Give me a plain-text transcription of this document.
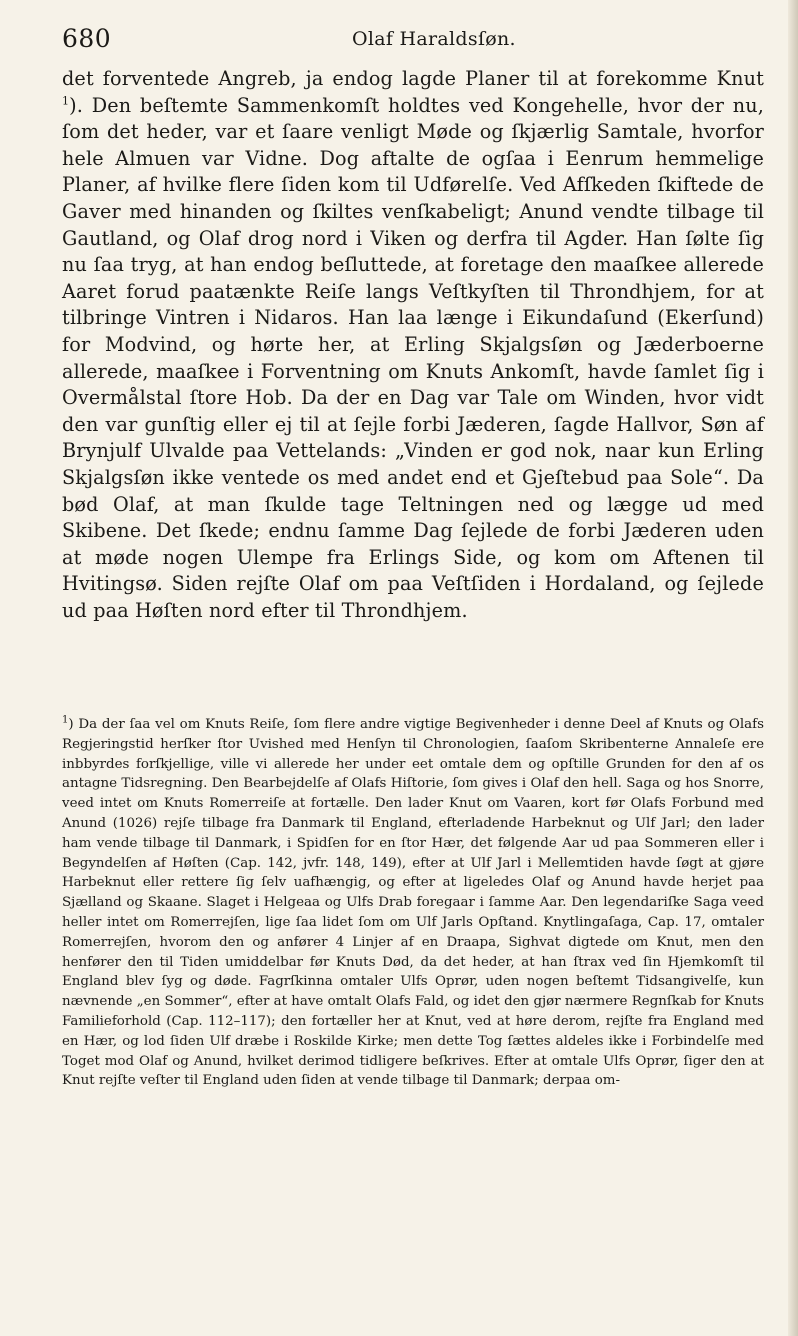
680	Olaf Haraldsſøn.

det forventede Angreb, ja endog lagde Planer til at forekomme Knut $^1$). Den beſtemte Sammenkomſt holdtes ved Kongehelle, hvor der nu, ſom det heder, var et ſaare venligt Møde og ſkjærlig Samtale, hvorfor hele Almuen var Vidne. Dog aftalte de ogſaa i Eenrum hemmelige Planer, af hvilke flere ſiden kom til Udførelſe. Ved Afſkeden ſkiftede de Gaver med hinanden og ſkiltes venſkabeligt; Anund vendte tilbage til Gautland, og Olaf drog nord i Viken og derfra til Agder. Han ſølte ſig nu ſaa tryg, at han endog beſluttede, at foretage den maaſkee alleredе Aaret forud paatænkte Reiſe langs Veſtkyſten til Throndhjem, for at tilbringe Vintren i Nidaros. Han laa længe i Eikundaſund (Ekerſund) for Modvind, og hørte her, at Erling Skjalgsſøn og Jæderboerne alleredе, maaſkee i Forventning om Knuts Ankomſt, havde ſamlet ſig i Overmålstal ſtore Hob. Da der en Dag var Tale om Winden, hvor vidt den var gunſtig eller ej til at ſejle forbi Jæderen, ſagde Hallvor, Søn af Brynjulf Ulvalde paa Vettelands: „Vinden er god nok, naar kun Erling Skjalgsſøn ikke ventede os med andet end et Gjeſtebud paa Sole“. Da bød Olaf, at man ſkulde tage Teltningen ned og lægge ud med Skibene. Det ſkede; endnu ſamme Dag ſejlede de forbi Jæderen uden at møde nogen Ulempe fra Erlings Side, og kom om Aftenen til Hvitingsø. Siden rejſte Olaf om paa Veſtſiden i Hordaland, og ſejlede ud paa Høſten nord efter til Throndhjem.

$^1$) Da der ſaa vel om Knuts Reiſe, ſom flere andre vigtige Begivenheder i denne Deel af Knuts og Olafs Regjeringstid herſker ſtor Uvished med Henſyn til Chronologien, ſaaſom Skribenterne Annaleſe ere inbbyrdes forſkjellige, ville vi allerede her under eet omtale dem og opſtille Grunden for den af os antagne Tidsregning. Den Bearbejdelſe af Olafs Hiſtorie, ſom gives i Olaf den hell. Saga og hos Snorre, veed intet om Knuts Romerreiſe at fortælle. Den lader Knut om Vaaren, kort før Olafs Forbund med Anund (1026) rejſe tilbage fra Danmark til England, efterladende Harbeknut og Ulf Jarl; den lader ham vende tilbage til Danmark, i Spidſen for en ſtor Hær, det følgende Aar ud paa Sommeren eller i Begyndelſen af Høſten (Cap. 142, jvfr. 148, 149), efter at Ulf Jarl i Mellemtiden havde ſøgt at gjøre Harbeknut eller rettere ſig ſelv uafhængig, og efter at ligeledes Olaf og Anund havde herjet paa Sjælland og Skaane. Slaget i Helgeaa og Ulfs Drab foregaar i ſamme Aar. Den legendariſke Saga veed heller intet om Romerrejſen, lige ſaa lidet ſom om Ulf Jarls Opſtand. Knytlingaſaga, Cap. 17, omtaler Romerrejſen, hvorom den og anfører 4 Linjer af en Draapa, Sighvat digtede om Knut, men den henfører den til Tiden umiddelbar før Knuts Død, da det heder, at han ſtrax ved ſin Hjemkomſt til England blev ſyg og døde. Fagrſkinna omtaler Ulfs Oprør, uden nogen beſtemt Tidsangivelſe, kun nævnende „en Sommer“, efter at have omtalt Olafs Fald, og idet den gjør nærmere Regnſkab for Knuts Familieforhold (Cap. 112–117); den fortæller her at Knut, ved at høre derom, rejſte fra England med en Hær, og lod ſiden Ulf dræbe i Roskilde Kirke; men dette Tog ſættes aldeles ikke i Forbindelſe med Toget mod Olaf og Anund, hvilket derimod tidligere beſkrives. Efter at omtale Ulfs Oprør, ſiger den at Knut rejſte veſter til England uden ſiden at vende tilbage til Danmark; derpaa om-
